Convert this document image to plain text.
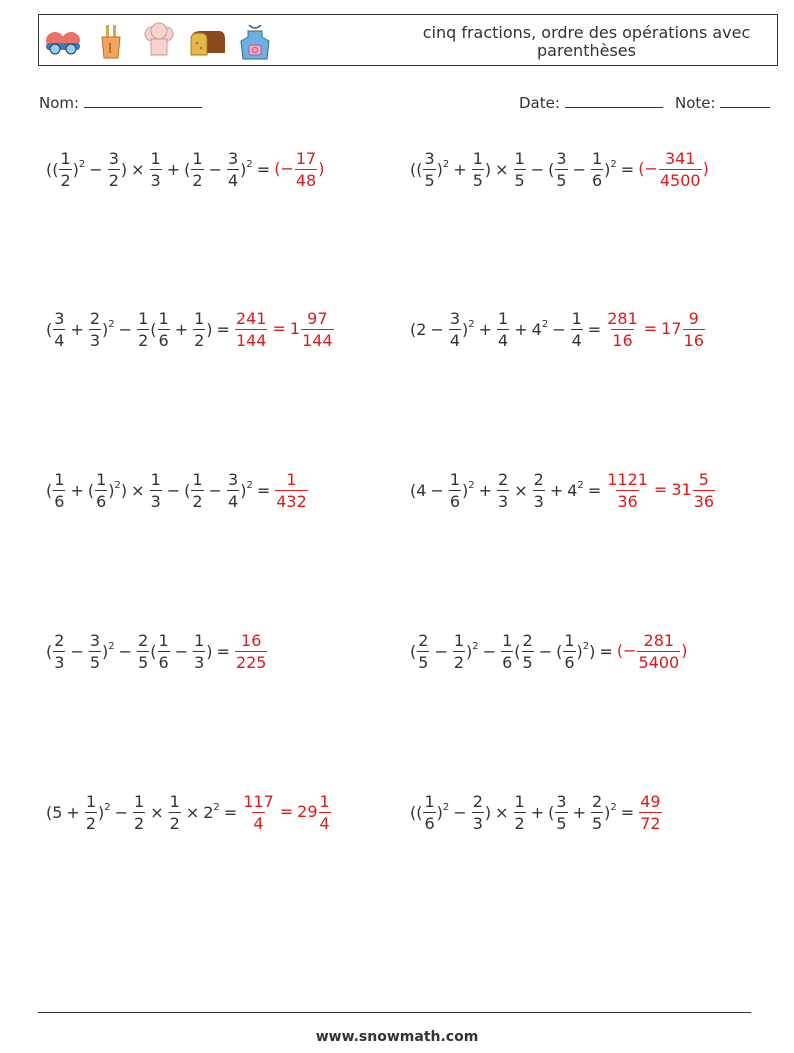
cinq fractions, ordre des opérations avec parenthèses
Nom:	Date:	Note:
(( $\frac{1}{2} )^2 - \frac{3}{2}$ ) × $\frac{1}{3}$ + ( $\frac{1}{2} - \frac{3}{4} )^2$ = (− $\frac{17}{48}$ )	(( $\frac{3}{5} )^2 + \frac{1}{5}$ ) × $\frac{1}{5}$ − ( $\frac{3}{5} - \frac{1}{6} )^2$ = (− $\frac{341}{4500}$ )
( $\frac{3}{4} + \frac{2}{3} )^2 - \frac{1}{2}$ ( $\frac{1}{6} + \frac{1}{2}$ ) = $\frac{241}{144} = 1 \frac{97}{144}$	$(2 - \frac{3}{4} )^2 + \frac{1}{4} + 4^2 - \frac{1}{4} = \frac{281}{16} = 17 \frac{9}{16}$
( $\frac{1}{6}$ + ( $\frac{1}{6} )^2) \times \frac{1}{3}$ − ( $\frac{1}{2} - \frac{3}{4} )^2 = \frac{1}{432}$	$(4 - \frac{1}{6} )^2 + \frac{2}{3} \times \frac{2}{3} + 4^2 = \frac{1121}{36} = 31 \frac{5}{36}$
( $\frac{2}{3} - \frac{3}{5} )^2 - \frac{2}{5}$ ( $\frac{1}{6} - \frac{1}{3}$ ) = $\frac{16}{225}$	( $\frac{2}{5} - \frac{1}{2} )^2 - \frac{1}{6}$ ( $\frac{2}{5}$ − ( $\frac{1}{6} )^2$) = (− $\frac{281}{5400}$ )
$(5 + \frac{1}{2} )^2 - \frac{1}{2} \times \frac{1}{2} \times 2^2 = \frac{117}{4} = 29 \frac{1}{4}$	(( $\frac{1}{6} )^2 - \frac{2}{3}$ ) × $\frac{1}{2}$ + ( $\frac{3}{5} + \frac{2}{5} )^2 = \frac{49}{72}$
www.snowmath.com
